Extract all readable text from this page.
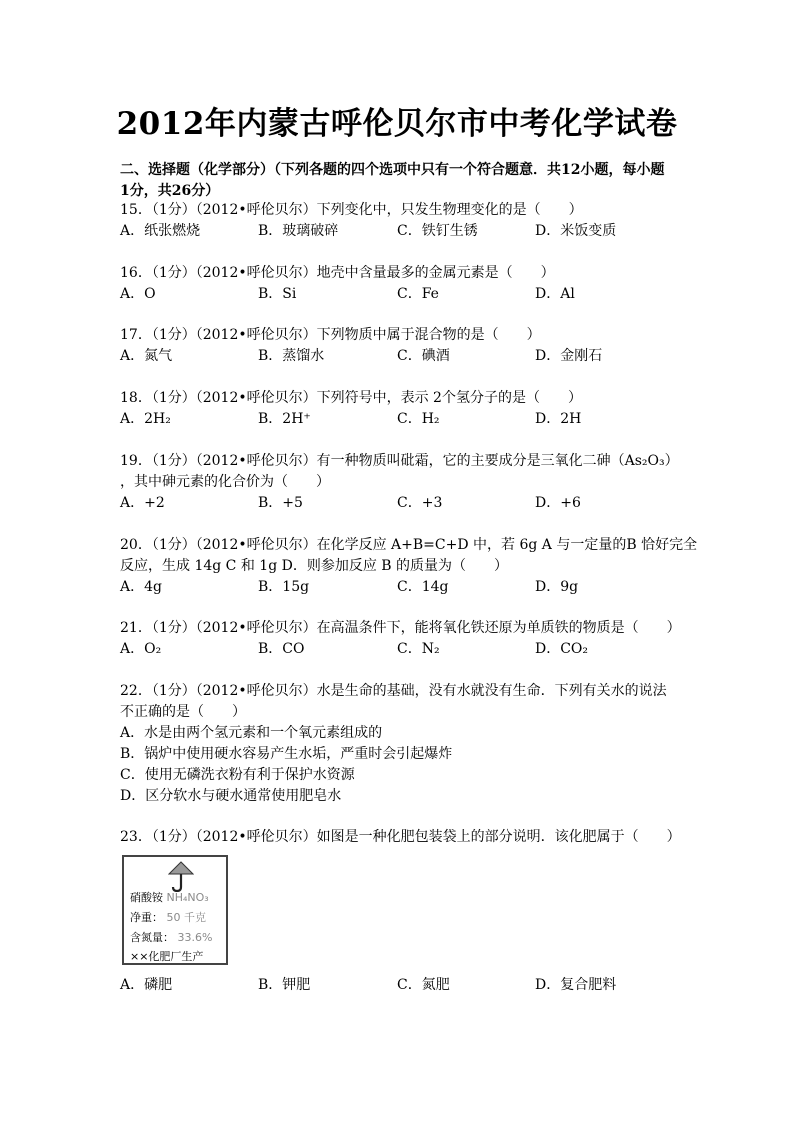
2012年内蒙古呼伦贝尔市中考化学试卷
二、选择题（化学部分）（下列各题的四个选项中只有一个符合题意．共12小题，每小题
1分，共26分）
15．（1分）（2012•呼伦贝尔）下列变化中，只发生物理变化的是（　　）
A．纸张燃烧	B．玻璃破碎	C．铁钉生锈	D．米饭变质
16．（1分）（2012•呼伦贝尔）地壳中含量最多的金属元素是（　　）
A．O	B．Si	C．Fe	D．Al
17．（1分）（2012•呼伦贝尔）下列物质中属于混合物的是（　　）
A．氮气	B．蒸馏水	C．碘酒	D．金刚石
18．（1分）（2012•呼伦贝尔）下列符号中，表示 2个氢分子的是（　　）
A．2H₂	B．2H⁺	C．H₂	D．2H
19．（1分）（2012•呼伦贝尔）有一种物质叫砒霜，它的主要成分是三氧化二砷（As₂O₃）
，其中砷元素的化合价为（　　）
A．+2	B．+5	C．+3	D．+6
20．（1分）（2012•呼伦贝尔）在化学反应 A+B=C+D 中，若 6g A 与一定量的B 恰好完全
反应，生成 14g C 和 1g D．则参加反应 B 的质量为（　　）
A．4g	B．15g	C．14g	D．9g
21．（1分）（2012•呼伦贝尔）在高温条件下，能将氧化铁还原为单质铁的物质是（　　）
A．O₂	B．CO	C．N₂	D．CO₂
22．（1分）（2012•呼伦贝尔）水是生命的基础，没有水就没有生命．下列有关水的说法
不正确的是（　　）
A．水是由两个氢元素和一个氧元素组成的
B．锅炉中使用硬水容易产生水垢，严重时会引起爆炸
C．使用无磷洗衣粉有利于保护水资源
D．区分软水与硬水通常使用肥皂水
23．（1分）（2012•呼伦贝尔）如图是一种化肥包装袋上的部分说明．该化肥属于（　　）
硝酸铵 NH₄NO₃
净重： 50 千克
含氮量： 33.6%
××化肥厂生产
A．磷肥	B．钾肥	C．氮肥	D．复合肥料
